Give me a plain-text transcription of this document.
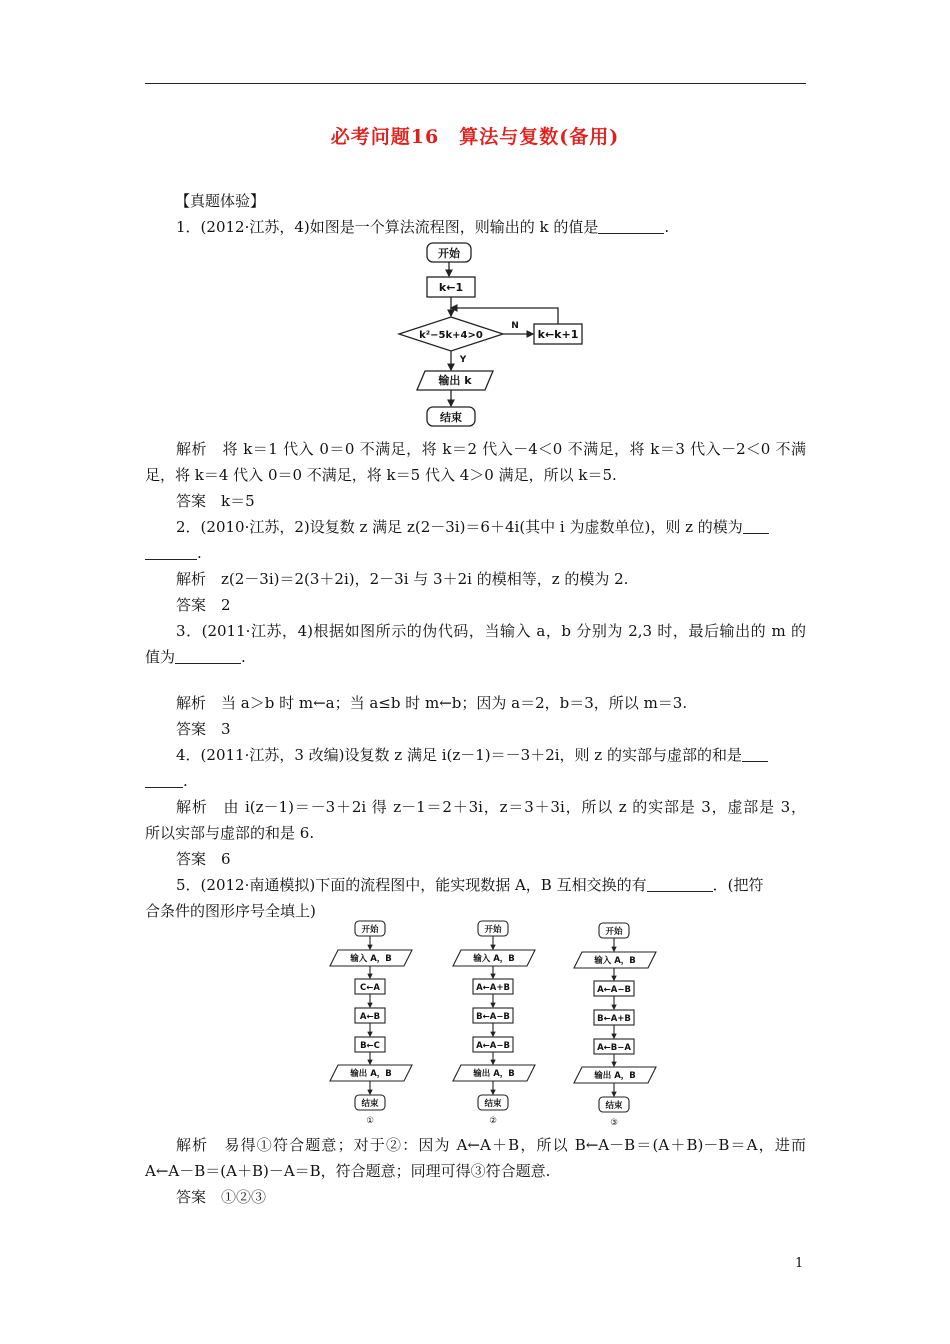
必考问题16　算法与复数(备用)
【真题体验】
1．(2012·江苏，4)如图是一个算法流程图，则输出的 k 的值是	.
开始
k←1
k²−5k+4>0
N
Y
k←k+1
输出 k
结束
解析　将 k＝1 代入 0＝0 不满足，将 k＝2 代入－4＜0 不满足，将 k＝3 代入－2＜0 不满
足，将 k＝4 代入 0＝0 不满足，将 k＝5 代入 4＞0 满足，所以 k＝5.
答案　k＝5
2．(2010·江苏，2)设复数 z 满足 z(2－3i)＝6＋4i(其中 i 为虚数单位)，则 z 的模为
.
解析　z(2－3i)＝2(3＋2i)，2－3i 与 3＋2i 的模相等，z 的模为 2.
答案　2
3．(2011·江苏，4)根据如图所示的伪代码，当输入 a，b 分别为 2,3 时，最后输出的 m 的
值为	.
解析　当 a＞b 时 m←a；当 a≤b 时 m←b；因为 a＝2，b＝3，所以 m＝3.
答案　3
4．(2011·江苏，3 改编)设复数 z 满足 i(z－1)＝－3＋2i，则 z 的实部与虚部的和是
.
解析　由 i(z－1)＝－3＋2i 得 z－1＝2＋3i，z＝3＋3i，所以 z 的实部是 3，虚部是 3，
所以实部与虚部的和是 6.
答案　6
5．(2012·南通模拟)下面的流程图中，能实现数据 A，B 互相交换的有	．(把符
合条件的图形序号全填上)
开始
输入 A，B
C←A
A←B
B←C
输出 A，B
结束
①
开始
输入 A，B
A←A+B
B←A−B
A←A−B
输出 A，B
结束
②
开始
输入 A，B
A←A−B
B←A+B
A←B−A
输出 A，B
结束
③
解析　易得①符合题意；对于②：因为 A←A＋B，所以 B←A－B＝(A＋B)－B＝A，进而
A←A－B＝(A＋B)－A＝B，符合题意；同理可得③符合题意.
答案　①②③
1
